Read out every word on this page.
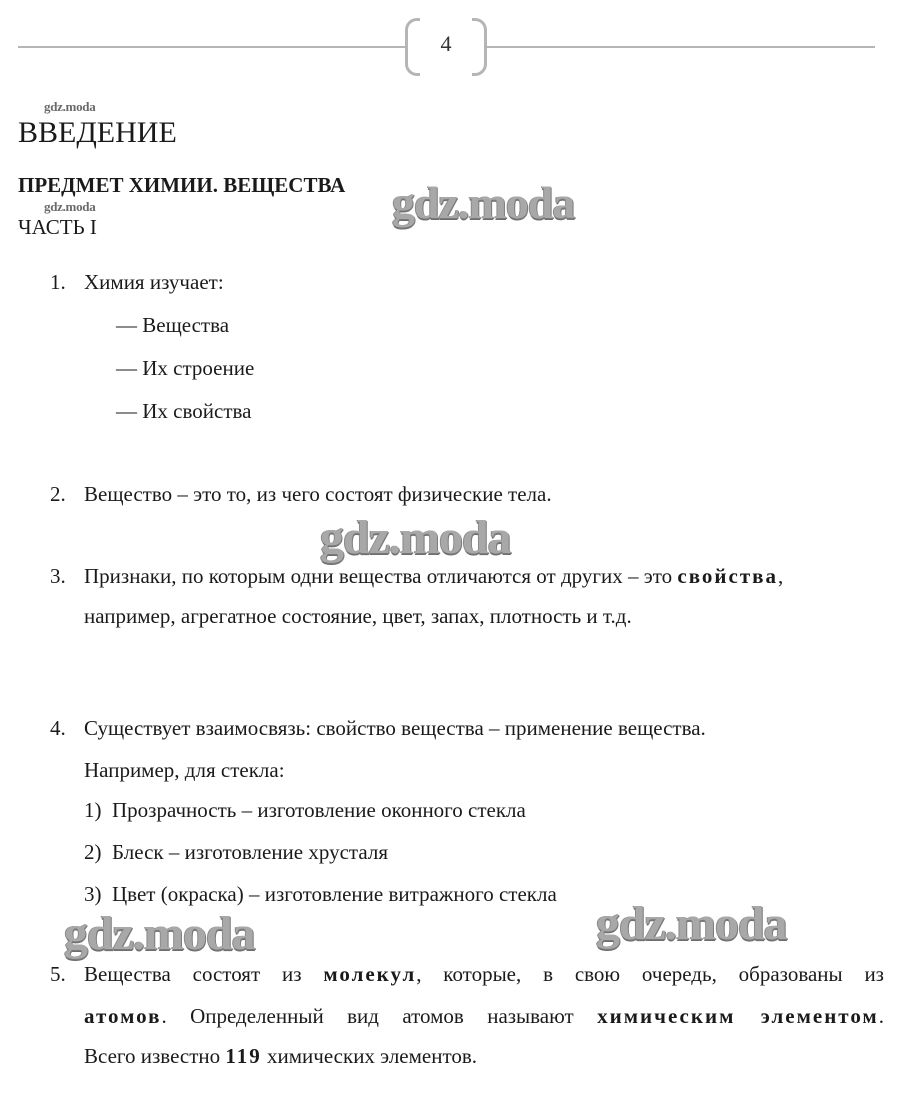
4
gdz.moda
gdz.moda
ВВЕДЕНИЕ
ПРЕДМЕТ ХИМИИ. ВЕЩЕСТВА
ЧАСТЬ I	gdz.moda
gdz.moda
gdz.moda	gdz.moda
1. Химия изучает:
— Вещества
— Их строение
— Их свойства
2. Вещество – это то, из чего состоят физические тела.
3. Признаки, по которым одни вещества отличаются от других – это свойства,
например, агрегатное состояние, цвет, запах, плотность и т.д.
4. Существует взаимосвязь: свойство вещества – применение вещества.
Например, для стекла:
1) Прозрачность – изготовление оконного стекла
2) Блеск – изготовление хрусталя
3) Цвет (окраска) – изготовление витражного стекла
5. Вещества состоят из молекул, которые, в свою очередь, образованы из
атомов. Определенный вид атомов называют химическим элементом.
Всего известно 119 химических элементов.
